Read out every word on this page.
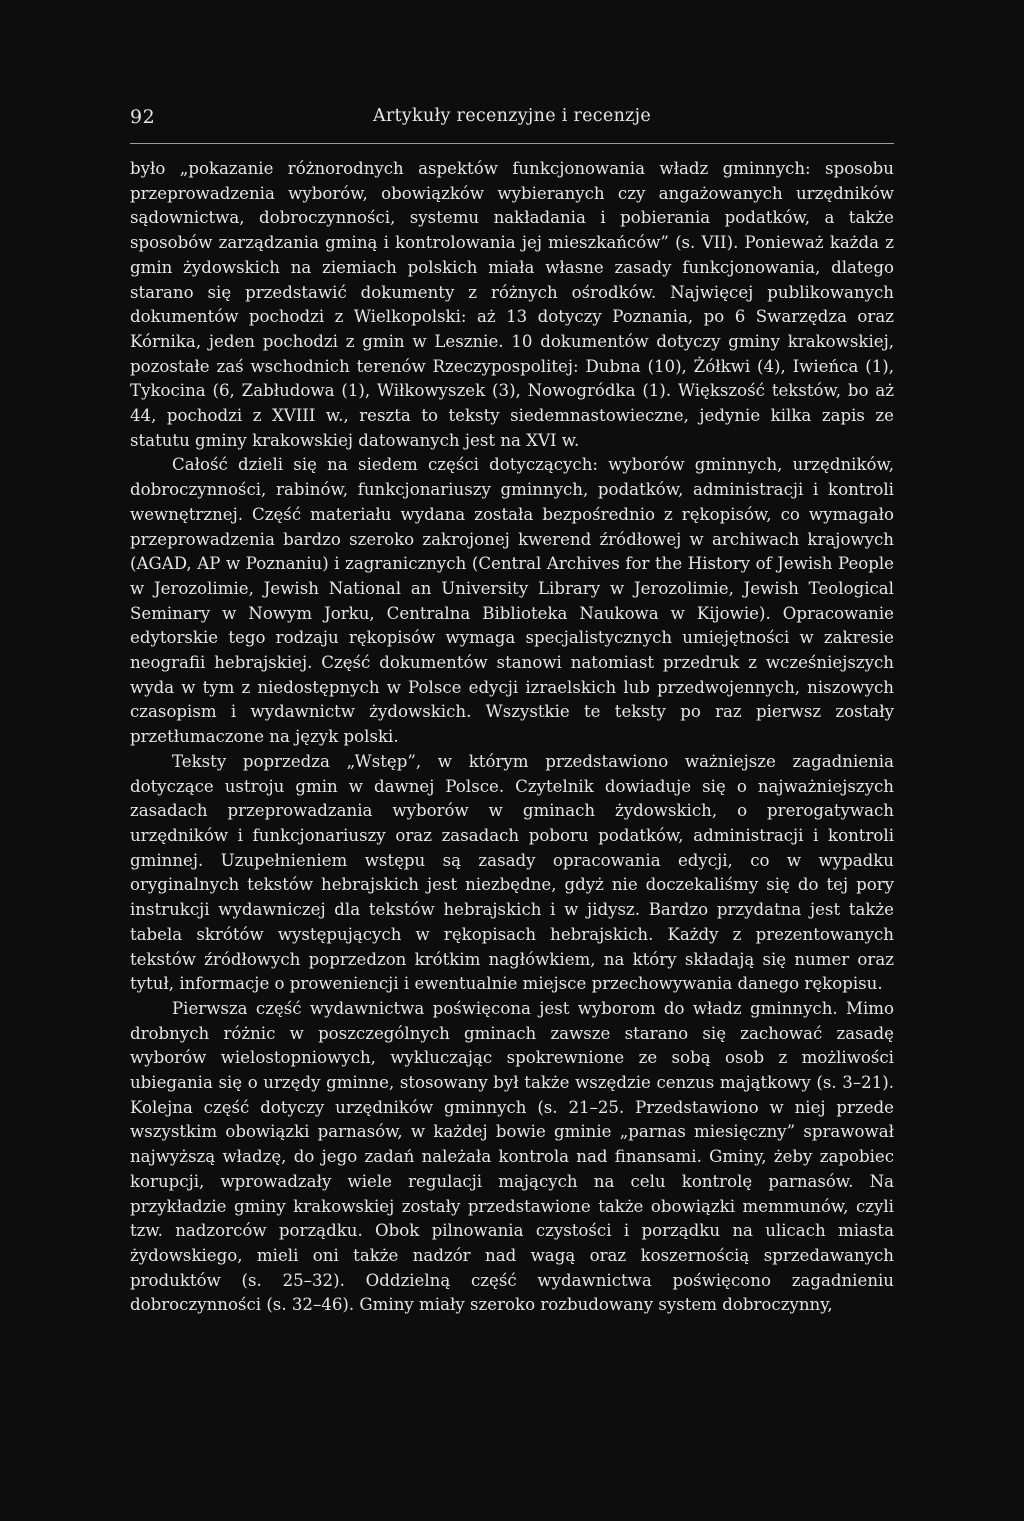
92	Artykuły recenzyjne i recenzje

było „pokazanie różnorodnych aspektów funkcjonowania władz gminnych: sposobu przeprowadzenia wyborów, obowiązków wybieranych czy angażowanych urzędników sądownictwa, dobroczynności, systemu nakładania i pobierania podatków, a także sposobów zarządzania gminą i kontrolowania jej mieszkańców” (s. VII). Ponieważ każda z gmin żydowskich na ziemiach polskich miała własne zasady funkcjonowania, dlatego starano się przedstawić dokumenty z różnych ośrodków. Najwięcej publikowanych dokumentów pochodzi z Wielkopolski: aż 13 dotyczy Poznania, po 6 Swarzędza oraz Kórnika, jeden pochodzi z gmin w Lesznie. 10 dokumentów dotyczy gminy krakowskiej, pozostałe zaś wschodnich terenów Rzeczypospolitej: Dubna (10), Żółkwi (4), Iwieńca (1), Tykocina (6, Zabłudowa (1), Wiłkowyszek (3), Nowogródka (1). Większość tekstów, bo aż 44, pochodzi z XVIII w., reszta to teksty siedemnastowieczne, jedynie kilka zapis ze statutu gminy krakowskiej datowanych jest na XVI w.

Całość dzieli się na siedem części dotyczących: wyborów gminnych, urzędników, dobroczynności, rabinów, funkcjonariuszy gminnych, podatków, administracji i kontroli wewnętrznej. Część materiału wydana została bezpośrednio z rękopisów, co wymagało przeprowadzenia bardzo szeroko zakrojonej kwerend źródłowej w archiwach krajowych (AGAD, AP w Poznaniu) i zagranicznych (Central Archives for the History of Jewish People w Jerozolimie, Jewish National an University Library w Jerozolimie, Jewish Teological Seminary w Nowym Jorku, Centralna Biblioteka Naukowa w Kijowie). Opracowanie edytorskie tego rodzaju rękopisów wymaga specjalistycznych umiejętności w zakresie neografii hebrajskiej. Część dokumentów stanowi natomiast przedruk z wcześniejszych wyda w tym z niedostępnych w Polsce edycji izraelskich lub przedwojennych, niszowych czasopism i wydawnictw żydowskich. Wszystkie te teksty po raz pierwsz zostały przetłumaczone na język polski.

Teksty poprzedza „Wstęp”, w którym przedstawiono ważniejsze zagadnienia dotyczące ustroju gmin w dawnej Polsce. Czytelnik dowiaduje się o najważniejszych zasadach przeprowadzania wyborów w gminach żydowskich, o prerogatywach urzędników i funkcjonariuszy oraz zasadach poboru podatków, administracji i kontroli gminnej. Uzupełnieniem wstępu są zasady opracowania edycji, co w wypadku oryginalnych tekstów hebrajskich jest niezbędne, gdyż nie doczekaliśmy się do tej pory instrukcji wydawniczej dla tekstów hebrajskich i w jidysz. Bardzo przydatna jest także tabela skrótów występujących w rękopisach hebrajskich. Każdy z prezentowanych tekstów źródłowych poprzedzon krótkim nagłówkiem, na który składają się numer oraz tytuł, informacje o proweniencji i ewentualnie miejsce przechowywania danego rękopisu.

Pierwsza część wydawnictwa poświęcona jest wyborom do władz gminnych. Mimo drobnych różnic w poszczególnych gminach zawsze starano się zachować zasadę wyborów wielostopniowych, wykluczając spokrewnione ze sobą osob z możliwości ubiegania się o urzędy gminne, stosowany był także wszędzie cenzus majątkowy (s. 3–21). Kolejna część dotyczy urzędników gminnych (s. 21–25. Przedstawiono w niej przede wszystkim obowiązki parnasów, w każdej bowie gminie „parnas miesięczny” sprawował najwyższą władzę, do jego zadań należała kontrola nad finansami. Gminy, żeby zapobiec korupcji, wprowadzały wiele regulacji mających na celu kontrolę parnasów. Na przykładzie gminy krakowskiej zostały przedstawione także obowiązki memmunów, czyli tzw. nadzorców porządku. Obok pilnowania czystości i porządku na ulicach miasta żydowskiego, mieli oni także nadzór nad wagą oraz koszernością sprzedawanych produktów (s. 25–32). Oddzielną część wydawnictwa poświęcono zagadnieniu dobroczynności (s. 32–46). Gminy miały szeroko rozbudowany system dobroczynny,
